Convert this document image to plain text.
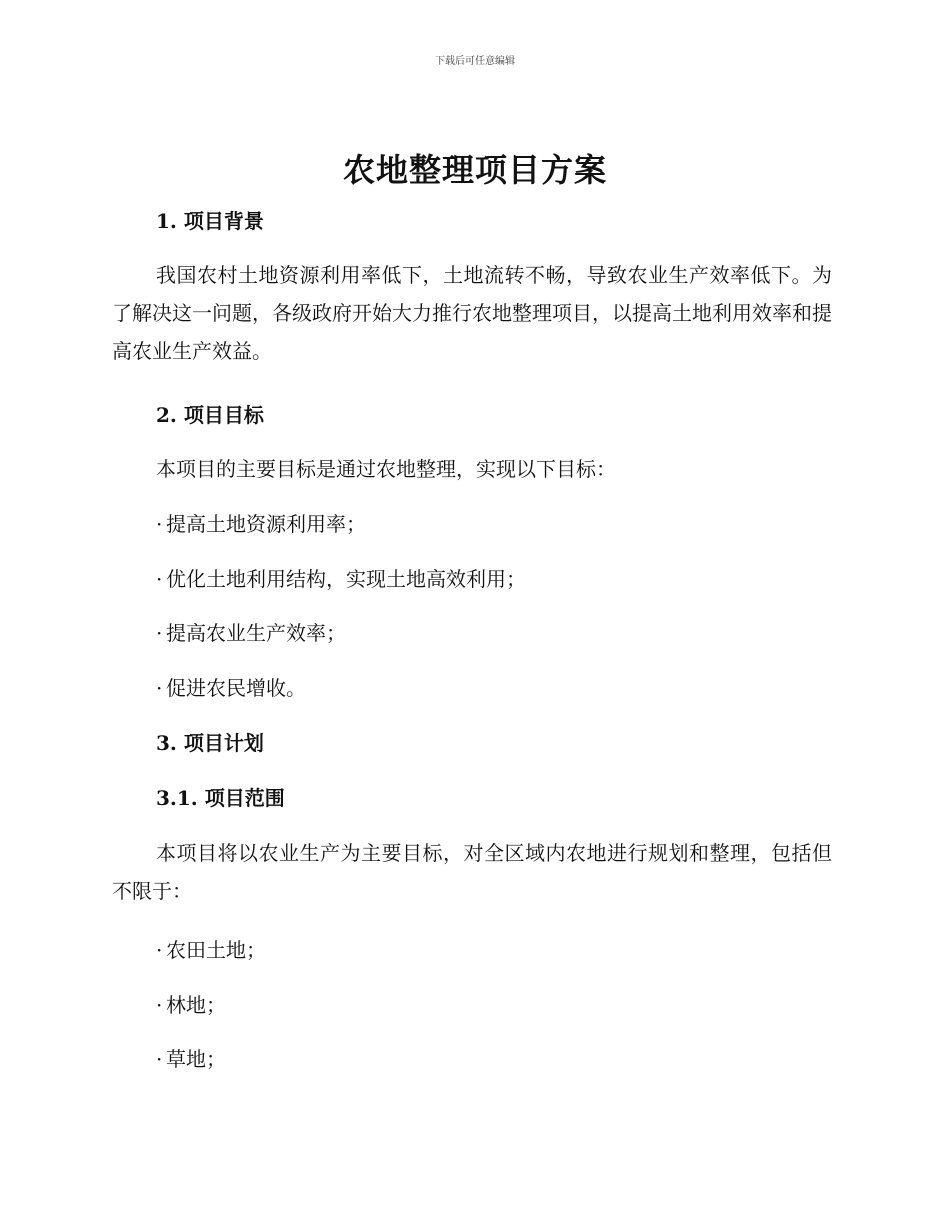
下载后可任意编辑
农地整理项目方案

1. 项目背景

我国农村土地资源利用率低下，土地流转不畅，导致农业生产效率低下。为了解决这一问题，各级政府开始大力推行农地整理项目，以提高土地利用效率和提高农业生产效益。

2. 项目目标

本项目的主要目标是通过农地整理，实现以下目标：

· 提高土地资源利用率；

· 优化土地利用结构，实现土地高效利用；

· 提高农业生产效率；

· 促进农民增收。

3. 项目计划

3.1. 项目范围

本项目将以农业生产为主要目标，对全区域内农地进行规划和整理，包括但不限于：

· 农田土地；

· 林地；

· 草地；
